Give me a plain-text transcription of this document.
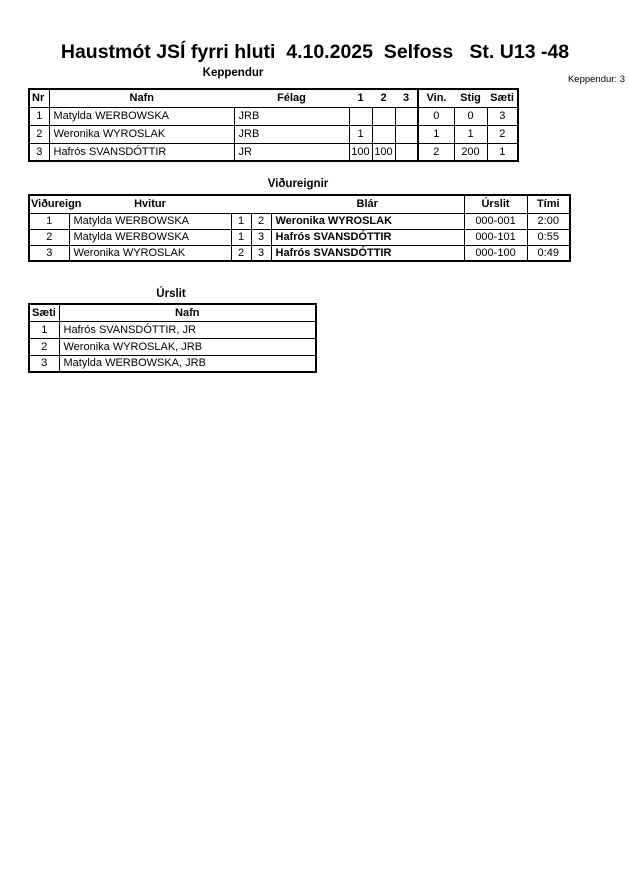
Haustmót JSÍ fyrri hluti  4.10.2025  Selfoss   St. U13 -48
Keppendur
Keppendur: 3
Nr	Nafn	Félag	1	2	3	Vin.	Stig	Sæti
1	Matylda WERBOWSKA	JRB				0	0	3
2	Weronika WYROSLAK	JRB	1			1	1	2
3	Hafrós SVANSDÓTTIR	JR	100	100		2	200	1
Viðureignir
Viðureign	Hvitur			Blár	Úrslit	Tími
1	Matylda WERBOWSKA	1	2	Weronika WYROSLAK	000-001	2:00
2	Matylda WERBOWSKA	1	3	Hafrós SVANSDÓTTIR	000-101	0:55
3	Weronika WYROSLAK	2	3	Hafrós SVANSDÓTTIR	000-100	0:49
Úrslit
Sæti	Nafn
1	Hafrós SVANSDÓTTIR, JR
2	Weronika WYROSLAK, JRB
3	Matylda WERBOWSKA, JRB
